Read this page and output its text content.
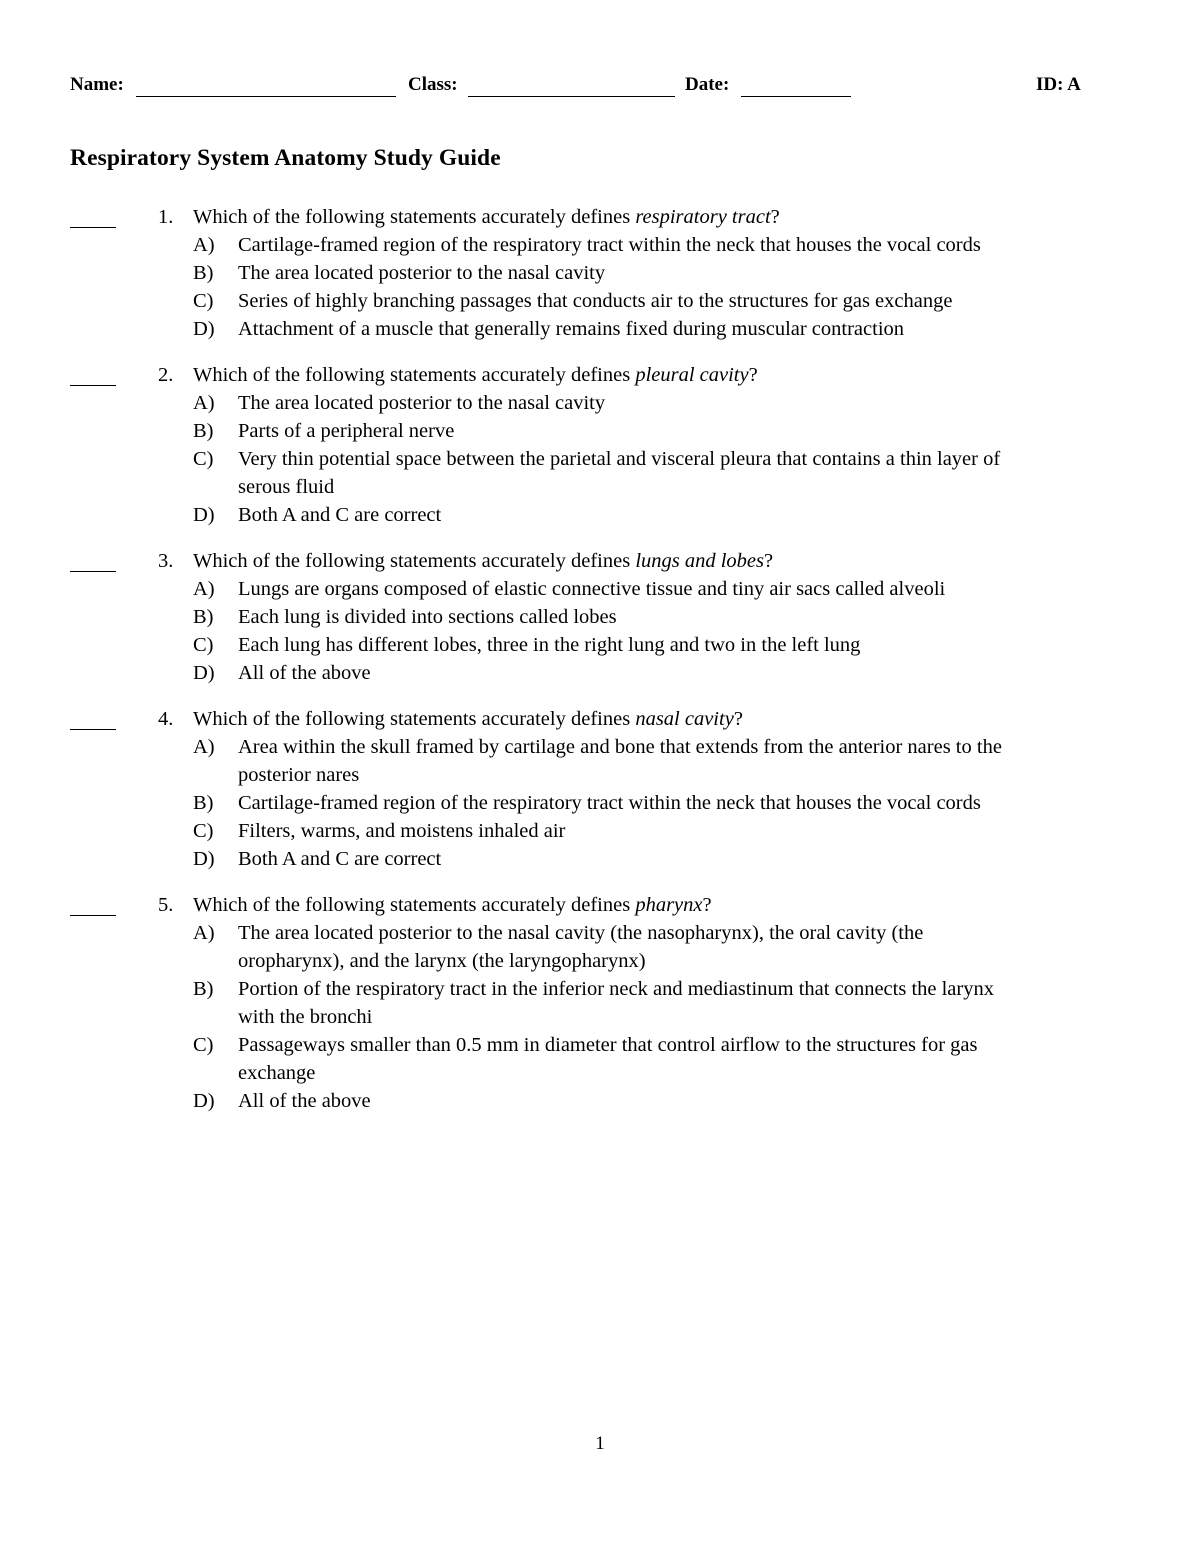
Name:	Class:	Date:	ID: A
Respiratory System Anatomy Study Guide
1. Which of the following statements accurately defines respiratory tract?
A) Cartilage-framed region of the respiratory tract within the neck that houses the vocal cords
B) The area located posterior to the nasal cavity
C) Series of highly branching passages that conducts air to the structures for gas exchange
D) Attachment of a muscle that generally remains fixed during muscular contraction
2. Which of the following statements accurately defines pleural cavity?
A) The area located posterior to the nasal cavity
B) Parts of a peripheral nerve
C) Very thin potential space between the parietal and visceral pleura that contains a thin layer of serous fluid
D) Both A and C are correct
3. Which of the following statements accurately defines lungs and lobes?
A) Lungs are organs composed of elastic connective tissue and tiny air sacs called alveoli
B) Each lung is divided into sections called lobes
C) Each lung has different lobes, three in the right lung and two in the left lung
D) All of the above
4. Which of the following statements accurately defines nasal cavity?
A) Area within the skull framed by cartilage and bone that extends from the anterior nares to the posterior nares
B) Cartilage-framed region of the respiratory tract within the neck that houses the vocal cords
C) Filters, warms, and moistens inhaled air
D) Both A and C are correct
5. Which of the following statements accurately defines pharynx?
A) The area located posterior to the nasal cavity (the nasopharynx), the oral cavity (the oropharynx), and the larynx (the laryngopharynx)
B) Portion of the respiratory tract in the inferior neck and mediastinum that connects the larynx with the bronchi
C) Passageways smaller than 0.5 mm in diameter that control airflow to the structures for gas exchange
D) All of the above
1
